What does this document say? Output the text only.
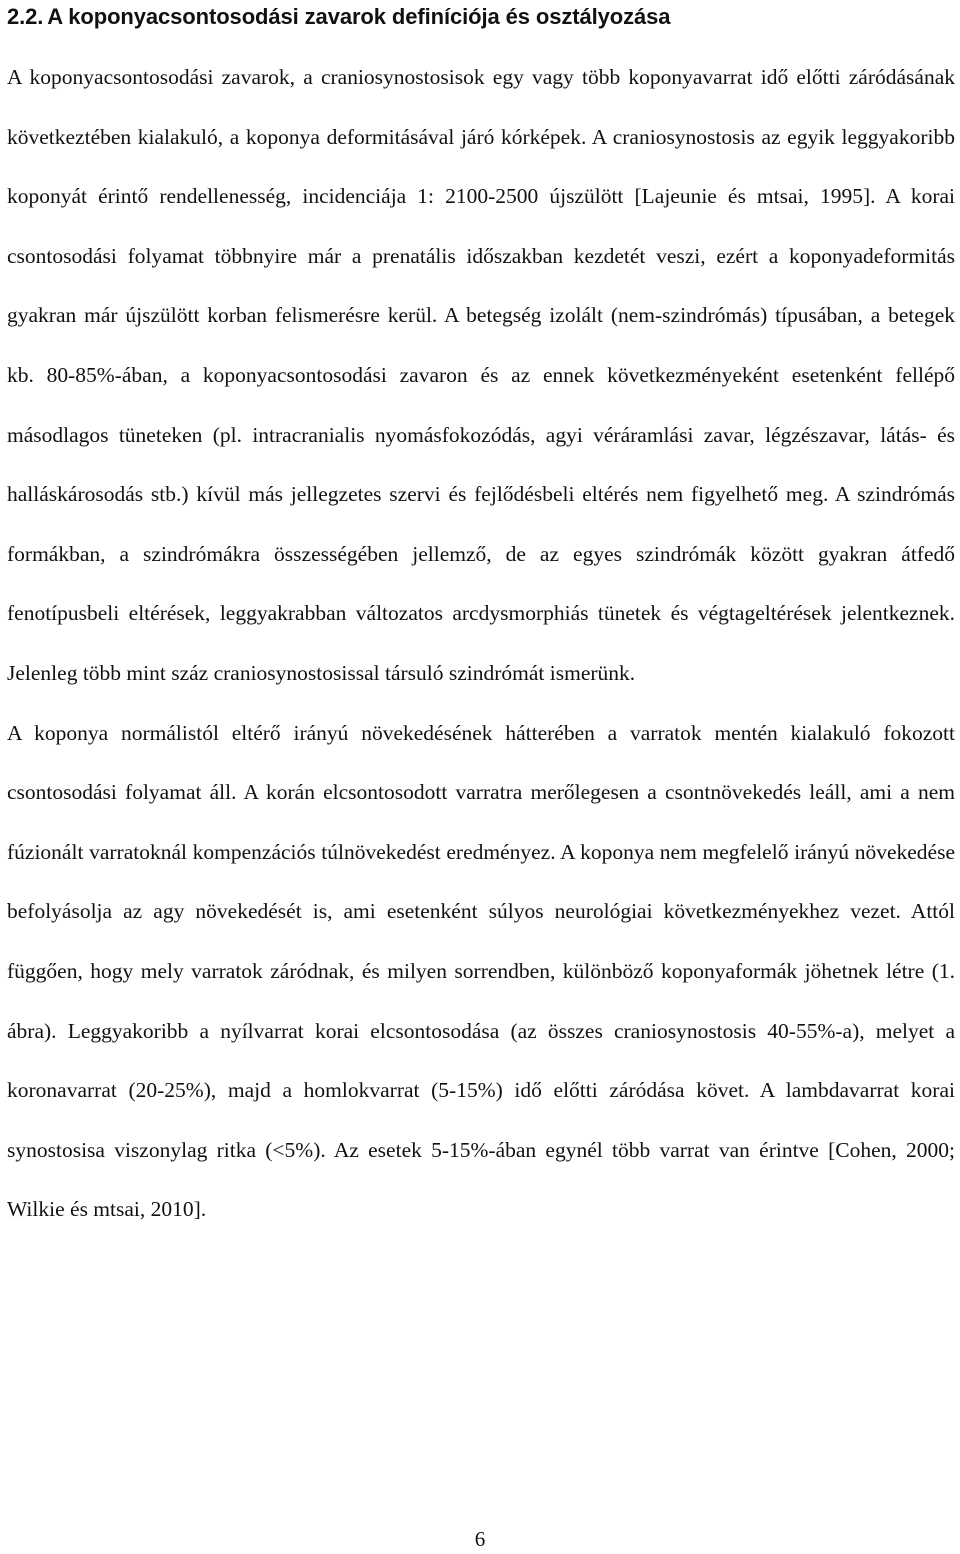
2.2. A koponyacsontosodási zavarok definíciója és osztályozása

A koponyacsontosodási zavarok, a craniosynostosisok egy vagy több koponyavarrat idő előtti záródásának következtében kialakuló, a koponya deformitásával járó kórképek. A craniosynostosis az egyik leggyakoribb koponyát érintő rendellenesség, incidenciája 1: 2100-2500 újszülött [Lajeunie és mtsai, 1995]. A korai csontosodási folyamat többnyire már a prenatális időszakban kezdetét veszi, ezért a koponyadeformitás gyakran már újszülött korban felismerésre kerül. A betegség izolált (nem-szindrómás) típusában, a betegek kb. 80-85%-ában, a koponyacsontosodási zavaron és az ennek következményeként esetenként fellépő másodlagos tüneteken (pl. intracranialis nyomásfokozódás, agyi véráramlási zavar, légzészavar, látás- és halláskárosodás stb.) kívül más jellegzetes szervi és fejlődésbeli eltérés nem figyelhető meg. A szindrómás formákban, a szindrómákra összességében jellemző, de az egyes szindrómák között gyakran átfedő fenotípusbeli eltérések, leggyakrabban változatos arcdysmorphiás tünetek és végtageltérések jelentkeznek. Jelenleg több mint száz craniosynostosissal társuló szindrómát ismerünk.

A koponya normálistól eltérő irányú növekedésének hátterében a varratok mentén kialakuló fokozott csontosodási folyamat áll. A korán elcsontosodott varratra merőlegesen a csontnövekedés leáll, ami a nem fúzionált varratoknál kompenzációs túlnövekedést eredményez. A koponya nem megfelelő irányú növekedése befolyásolja az agy növekedését is, ami esetenként súlyos neurológiai következményekhez vezet. Attól függően, hogy mely varratok záródnak, és milyen sorrendben, különböző koponyaformák jöhetnek létre (1. ábra). Leggyakoribb a nyílvarrat korai elcsontosodása (az összes craniosynostosis 40-55%-a), melyet a koronavarrat (20-25%), majd a homlokvarrat (5-15%) idő előtti záródása követ. A lambdavarrat korai synostosisa viszonylag ritka (<5%). Az esetek 5-15%-ában egynél több varrat van érintve [Cohen, 2000; Wilkie és mtsai, 2010].

6
